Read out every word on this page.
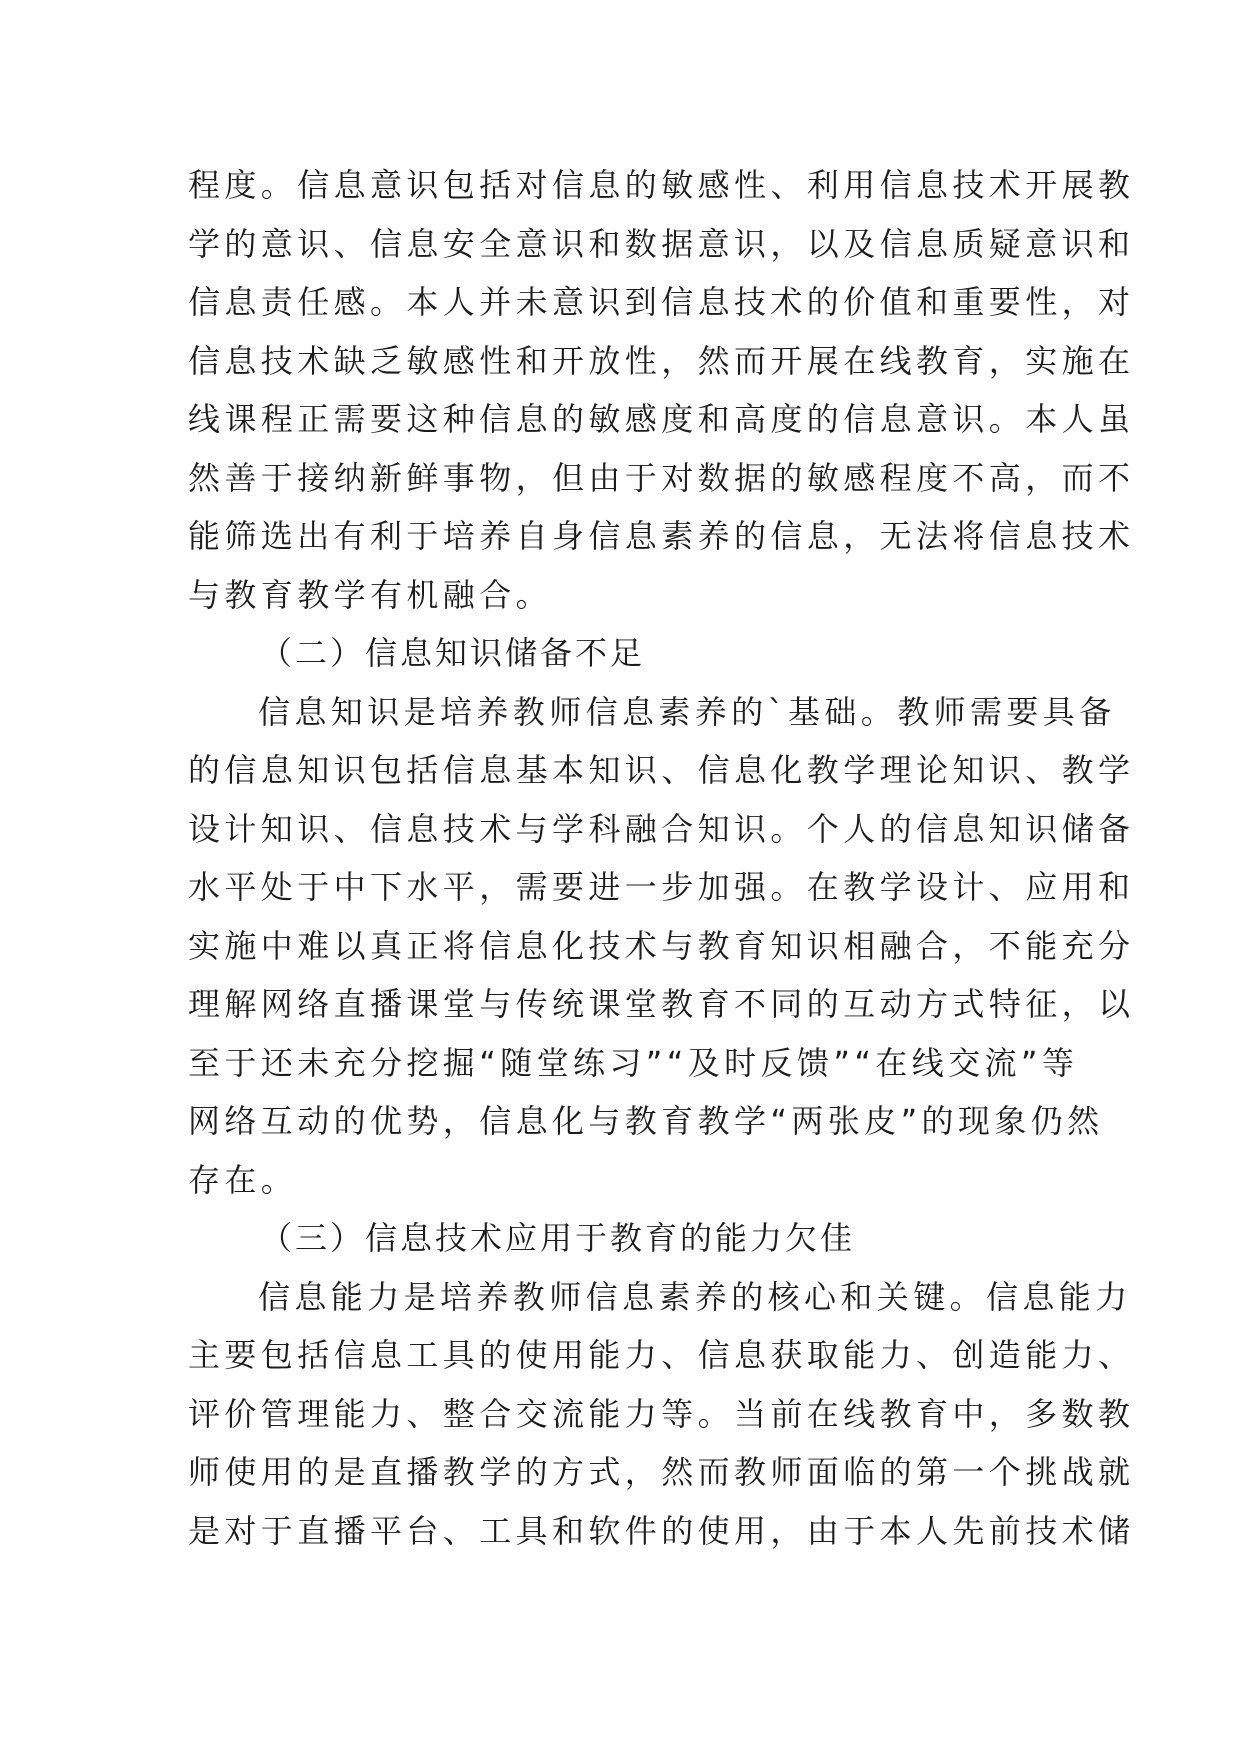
程度。信息意识包括对信息的敏感性、利用信息技术开展教
学的意识、信息安全意识和数据意识，以及信息质疑意识和
信息责任感。本人并未意识到信息技术的价值和重要性，对
信息技术缺乏敏感性和开放性，然而开展在线教育，实施在
线课程正需要这种信息的敏感度和高度的信息意识。本人虽
然善于接纳新鲜事物，但由于对数据的敏感程度不高，而不
能筛选出有利于培养自身信息素养的信息，无法将信息技术
与教育教学有机融合。
（二）信息知识储备不足
信息知识是培养教师信息素养的`基础。教师需要具备
的信息知识包括信息基本知识、信息化教学理论知识、教学
设计知识、信息技术与学科融合知识。个人的信息知识储备
水平处于中下水平，需要进一步加强。在教学设计、应用和
实施中难以真正将信息化技术与教育知识相融合，不能充分
理解网络直播课堂与传统课堂教育不同的互动方式特征，以
至于还未充分挖掘“随堂练习”“及时反馈”“在线交流”等
网络互动的优势，信息化与教育教学“两张皮”的现象仍然
存在。
（三）信息技术应用于教育的能力欠佳
信息能力是培养教师信息素养的核心和关键。信息能力
主要包括信息工具的使用能力、信息获取能力、创造能力、
评价管理能力、整合交流能力等。当前在线教育中，多数教
师使用的是直播教学的方式，然而教师面临的第一个挑战就
是对于直播平台、工具和软件的使用，由于本人先前技术储
